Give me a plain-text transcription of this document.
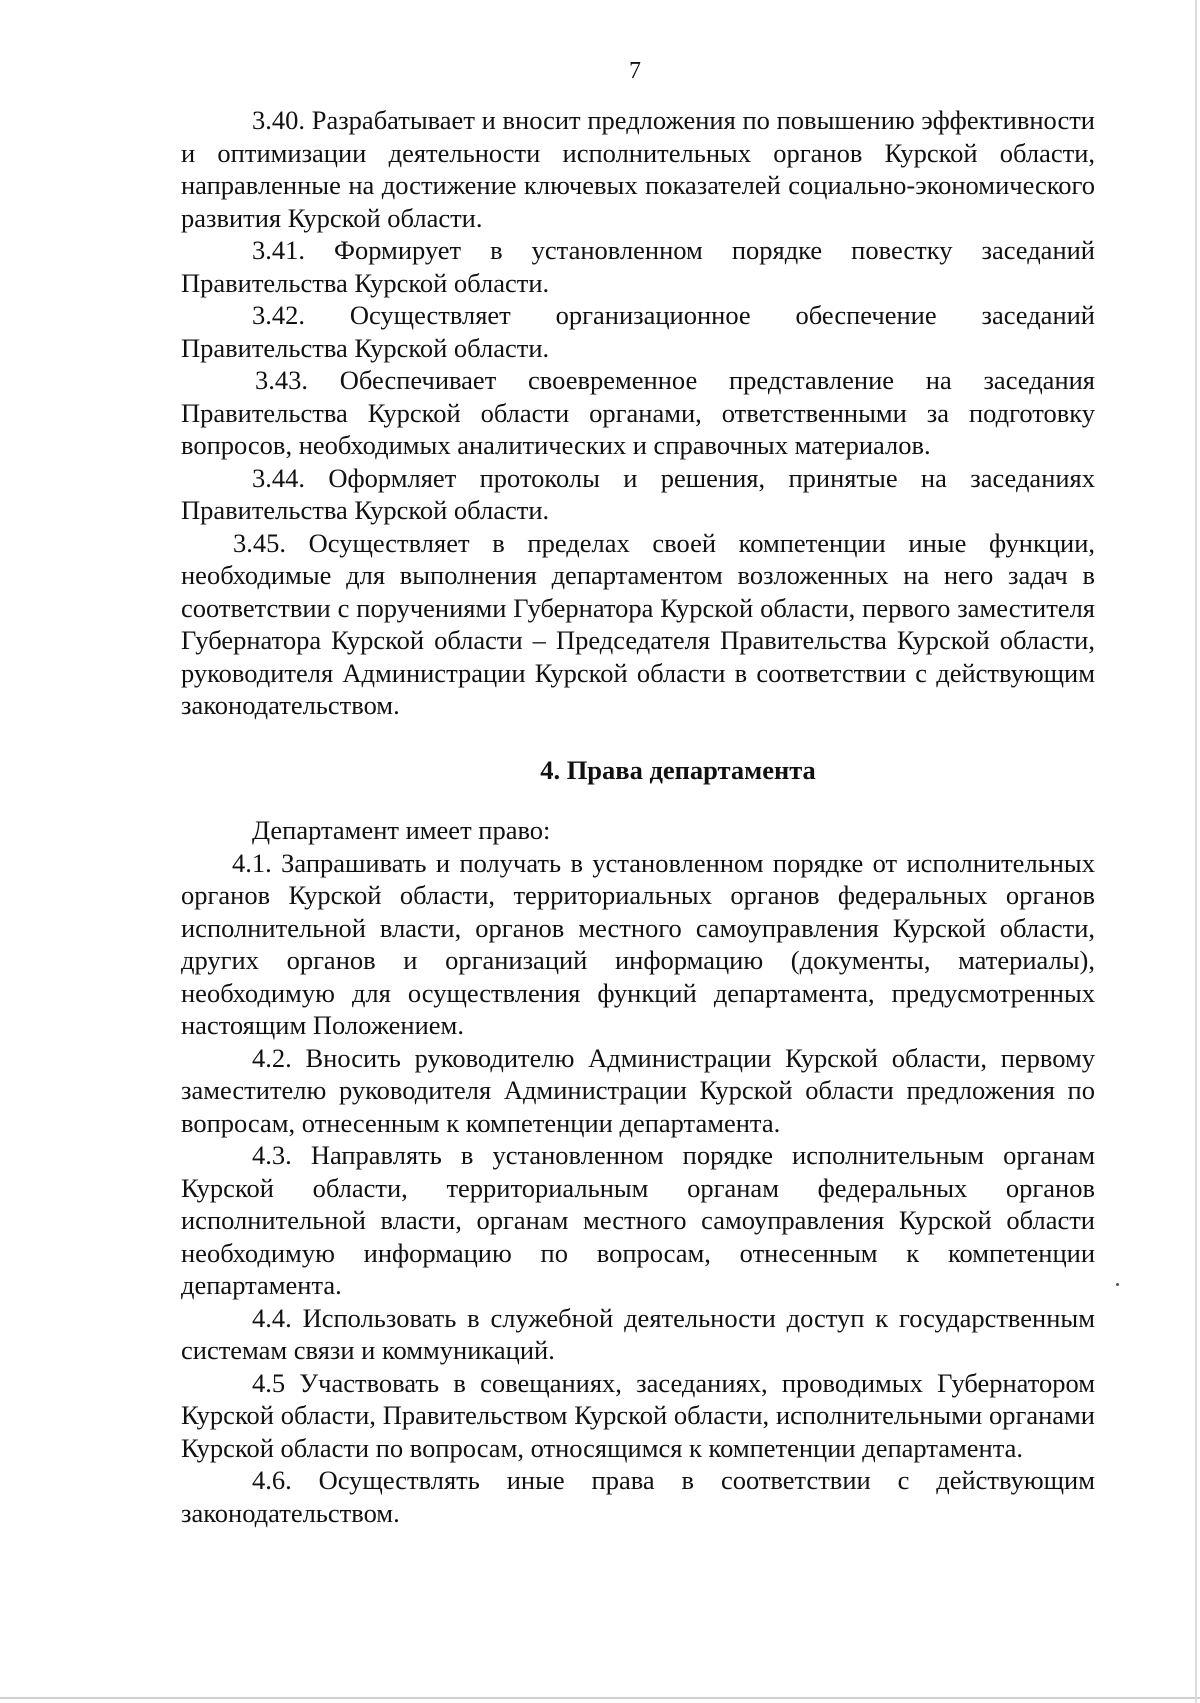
7

3.40. Разрабатывает и вносит предложения по повышению эффективности и оптимизации деятельности исполнительных органов Курской области, направленные на достижение ключевых показателей социально-экономического развития Курской области.

3.41. Формирует в установленном порядке повестку заседаний Правительства Курской области.

3.42. Осуществляет организационное обеспечение заседаний Правительства Курской области.

3.43. Обеспечивает своевременное представление на заседания Правительства Курской области органами, ответственными за подготовку вопросов, необходимых аналитических и справочных материалов.

3.44. Оформляет протоколы и решения, принятые на заседаниях Правительства Курской области.

3.45. Осуществляет в пределах своей компетенции иные функции, необходимые для выполнения департаментом возложенных на него задач в соответствии с поручениями Губернатора Курской области, первого заместителя Губернатора Курской области – Председателя Правительства Курской области, руководителя Администрации Курской области в соответствии с действующим законодательством.

4. Права департамента

Департамент имеет право:

4.1. Запрашивать и получать в установленном порядке от исполнительных органов Курской области, территориальных органов федеральных органов исполнительной власти, органов местного самоуправления Курской области, других органов и организаций информацию (документы, материалы), необходимую для осуществления функций департамента, предусмотренных настоящим Положением.

4.2. Вносить руководителю Администрации Курской области, первому заместителю руководителя Администрации Курской области предложения по вопросам, отнесенным к компетенции департамента.

4.3. Направлять в установленном порядке исполнительным органам Курской области, территориальным органам федеральных органов исполнительной власти, органам местного самоуправления Курской области необходимую информацию по вопросам, отнесенным к компетенции департамента.

4.4. Использовать в служебной деятельности доступ к государственным системам связи и коммуникаций.

4.5 Участвовать в совещаниях, заседаниях, проводимых Губернатором Курской области, Правительством Курской области, исполнительными органами Курской области по вопросам, относящимся к компетенции департамента.

4.6. Осуществлять иные права в соответствии с действующим законодательством.
